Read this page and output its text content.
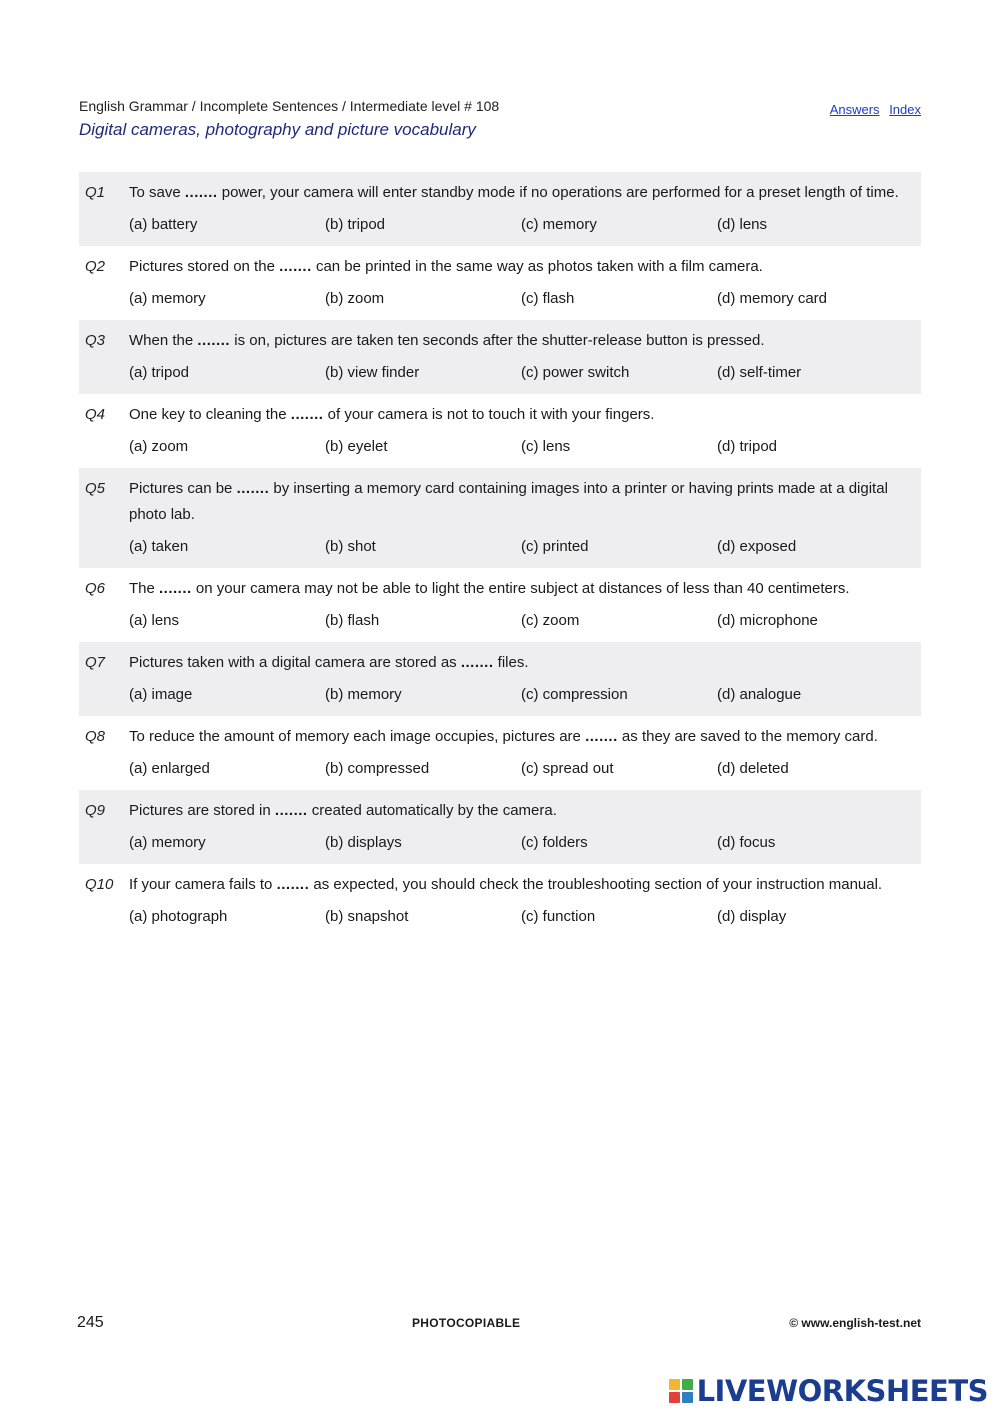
English Grammar / Incomplete Sentences / Intermediate level # 108
Digital cameras, photography and picture vocabulary
Answers Index
Q1	To save ....... power, your camera will enter standby mode if no operations are performed for a preset length of time.
(a) battery	(b) tripod	(c) memory	(d) lens
Q2	Pictures stored on the ....... can be printed in the same way as photos taken with a film camera.
(a) memory	(b) zoom	(c) flash	(d) memory card
Q3	When the ....... is on, pictures are taken ten seconds after the shutter-release button is pressed.
(a) tripod	(b) view finder	(c) power switch	(d) self-timer
Q4	One key to cleaning the ....... of your camera is not to touch it with your fingers.
(a) zoom	(b) eyelet	(c) lens	(d) tripod
Q5	Pictures can be ....... by inserting a memory card containing images into a printer or having prints made at a digital photo lab.
(a) taken	(b) shot	(c) printed	(d) exposed
Q6	The ....... on your camera may not be able to light the entire subject at distances of less than 40 centimeters.
(a) lens	(b) flash	(c) zoom	(d) microphone
Q7	Pictures taken with a digital camera are stored as ....... files.
(a) image	(b) memory	(c) compression	(d) analogue
Q8	To reduce the amount of memory each image occupies, pictures are ....... as they are saved to the memory card.
(a) enlarged	(b) compressed	(c) spread out	(d) deleted
Q9	Pictures are stored in ....... created automatically by the camera.
(a) memory	(b) displays	(c) folders	(d) focus
Q10	If your camera fails to ....... as expected, you should check the troubleshooting section of your instruction manual.
(a) photograph	(b) snapshot	(c) function	(d) display
245	PHOTOCOPIABLE	© www.english-test.net
LIVEWORKSHEETS
